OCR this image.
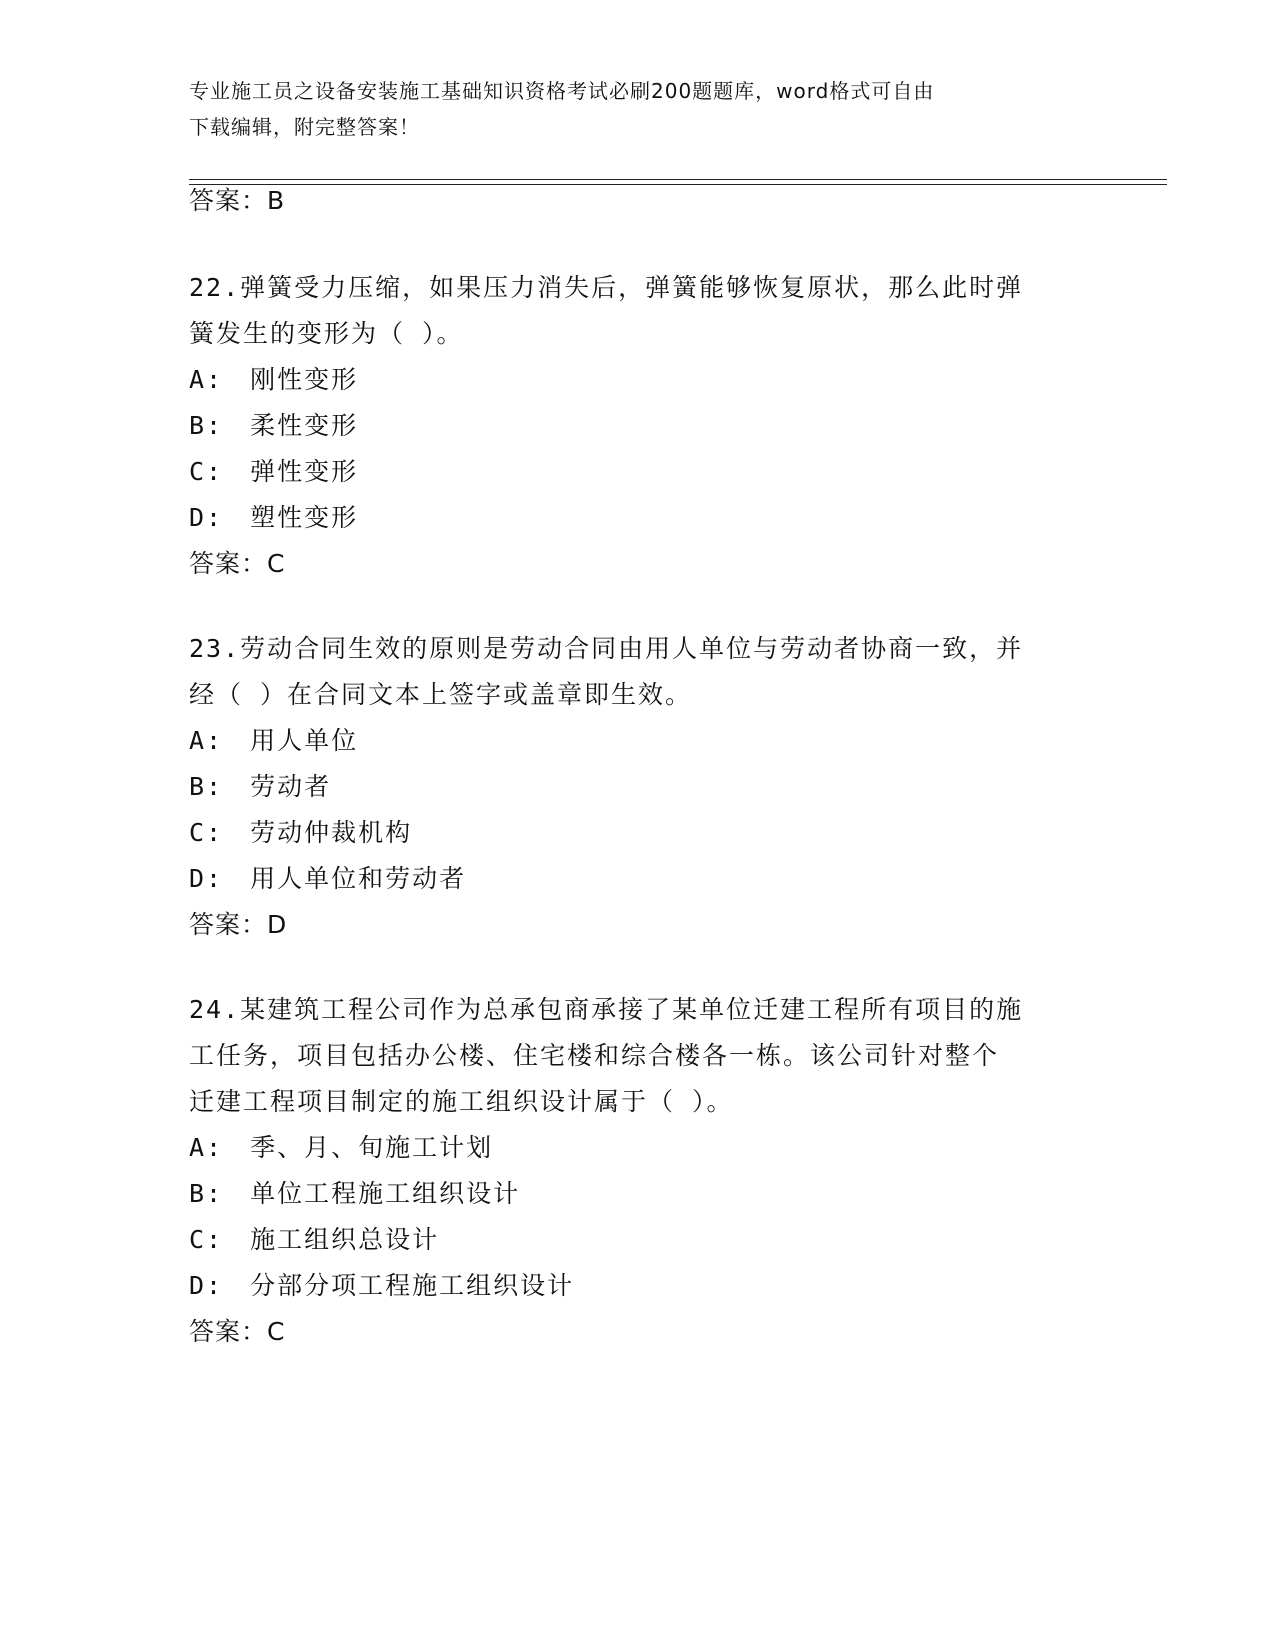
专业施工员之设备安装施工基础知识资格考试必刷200题题库，word格式可自由
下载编辑，附完整答案！
答案：B
22.弹簧受力压缩，如果压力消失后，弹簧能够恢复原状，那么此时弹
簧发生的变形为（ ）。
A:　刚性变形
B:　柔性变形
C:　弹性变形
D:　塑性变形
答案：C
23.劳动合同生效的原则是劳动合同由用人单位与劳动者协商一致，并
经（ ）在合同文本上签字或盖章即生效。
A:　用人单位
B:　劳动者
C:　劳动仲裁机构
D:　用人单位和劳动者
答案：D
24.某建筑工程公司作为总承包商承接了某单位迁建工程所有项目的施
工任务，项目包括办公楼、住宅楼和综合楼各一栋。该公司针对整个
迁建工程项目制定的施工组织设计属于（ ）。
A:　季、月、旬施工计划
B:　单位工程施工组织设计
C:　施工组织总设计
D:　分部分项工程施工组织设计
答案：C
